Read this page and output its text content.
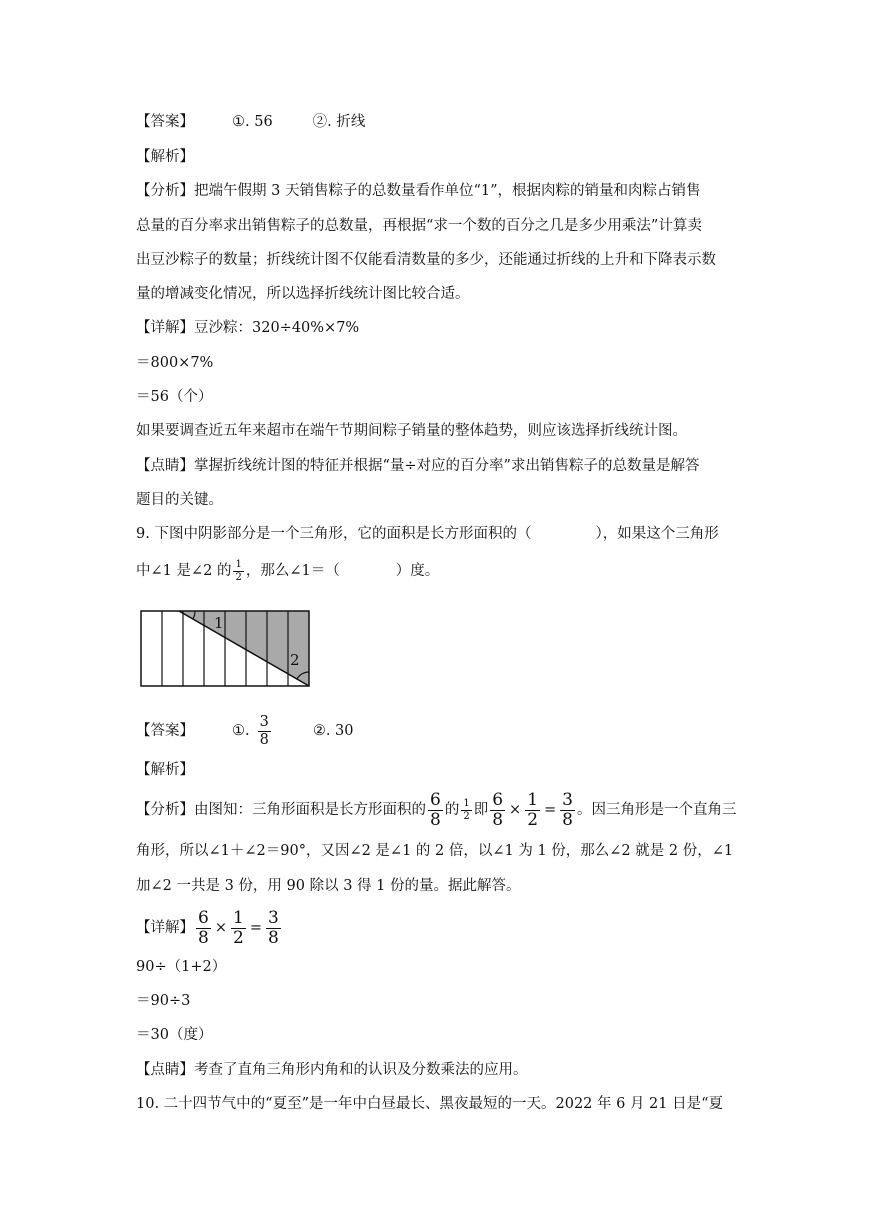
【答案】	①. 56	②. 折线
【解析】
【分析】把端午假期 3 天销售粽子的总数量看作单位“1”，根据肉粽的销量和肉粽占销售
总量的百分率求出销售粽子的总数量，再根据“求一个数的百分之几是多少用乘法”计算卖
出豆沙粽子的数量；折线统计图不仅能看清数量的多少，还能通过折线的上升和下降表示数
量的增减变化情况，所以选择折线统计图比较合适。
【详解】豆沙粽：320÷40%×7%
＝800×7%
＝56（个）
如果要调查近五年来超市在端午节期间粽子销量的整体趋势，则应该选择折线统计图。
【点睛】掌握折线统计图的特征并根据“量÷对应的百分率”求出销售粽子的总数量是解答
题目的关键。
9. 下图中阴影部分是一个三角形，它的面积是长方形面积的（	），如果这个三角形
中∠1 是∠2 的 $\frac{1}{2}$ ，那么∠1＝（	）度。
1
2
【答案】	①. $\frac{3}{8}$	②. 30
【解析】
【分析】由图知：三角形面积是长方形面积的 $\frac{6}{8}$ 的 $\frac{1}{2}$ 即 $\frac{6}{8} \times \frac{1}{2} = \frac{3}{8}$ 。因三角形是一个直角三
角形，所以∠1＋∠2＝90°，又因∠2 是∠1 的 2 倍，以∠1 为 1 份，那么∠2 就是 2 份，∠1
加∠2 一共是 3 份，用 90 除以 3 得 1 份的量。据此解答。
【详解】 $\frac{6}{8} \times \frac{1}{2} = \frac{3}{8}$
90÷（1+2）
＝90÷3
＝30（度）
【点睛】考查了直角三角形内角和的认识及分数乘法的应用。
10. 二十四节气中的“夏至”是一年中白昼最长、黑夜最短的一天。2022 年 6 月 21 日是“夏
